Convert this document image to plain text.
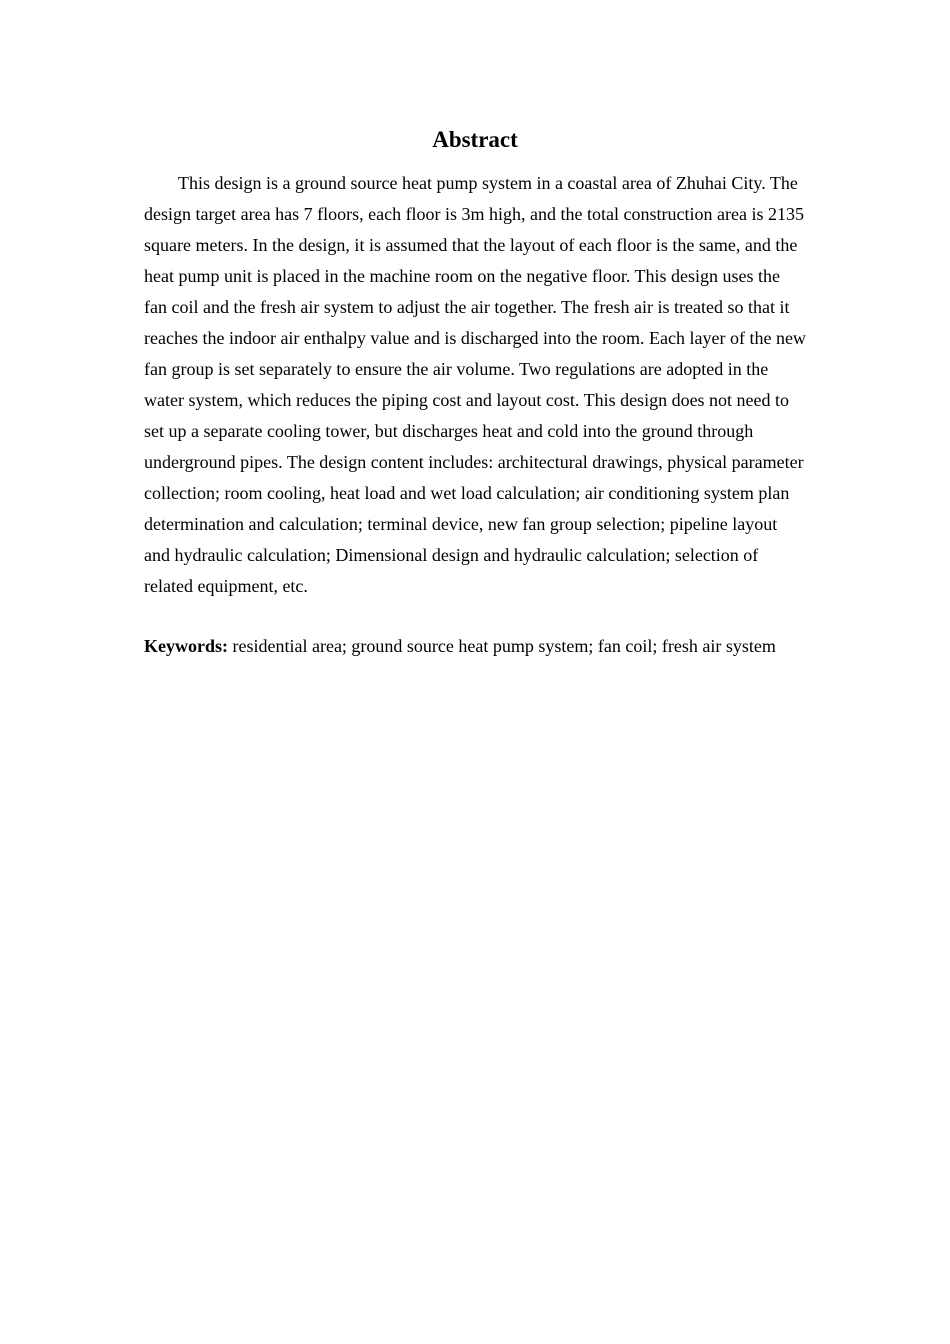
Abstract

This design is a ground source heat pump system in a coastal area of Zhuhai City. The design target area has 7 floors, each floor is 3m high, and the total construction area is 2135 square meters. In the design, it is assumed that the layout of each floor is the same, and the heat pump unit is placed in the machine room on the negative floor. This design uses the fan coil and the fresh air system to adjust the air together. The fresh air is treated so that it reaches the indoor air enthalpy value and is discharged into the room. Each layer of the new fan group is set separately to ensure the air volume. Two regulations are adopted in the water system, which reduces the piping cost and layout cost. This design does not need to set up a separate cooling tower, but discharges heat and cold into the ground through underground pipes. The design content includes: architectural drawings, physical parameter collection; room cooling, heat load and wet load calculation; air conditioning system plan determination and calculation; terminal device, new fan group selection; pipeline layout and hydraulic calculation; Dimensional design and hydraulic calculation; selection of related equipment, etc.

Keywords: residential area; ground source heat pump system; fan coil; fresh air system
